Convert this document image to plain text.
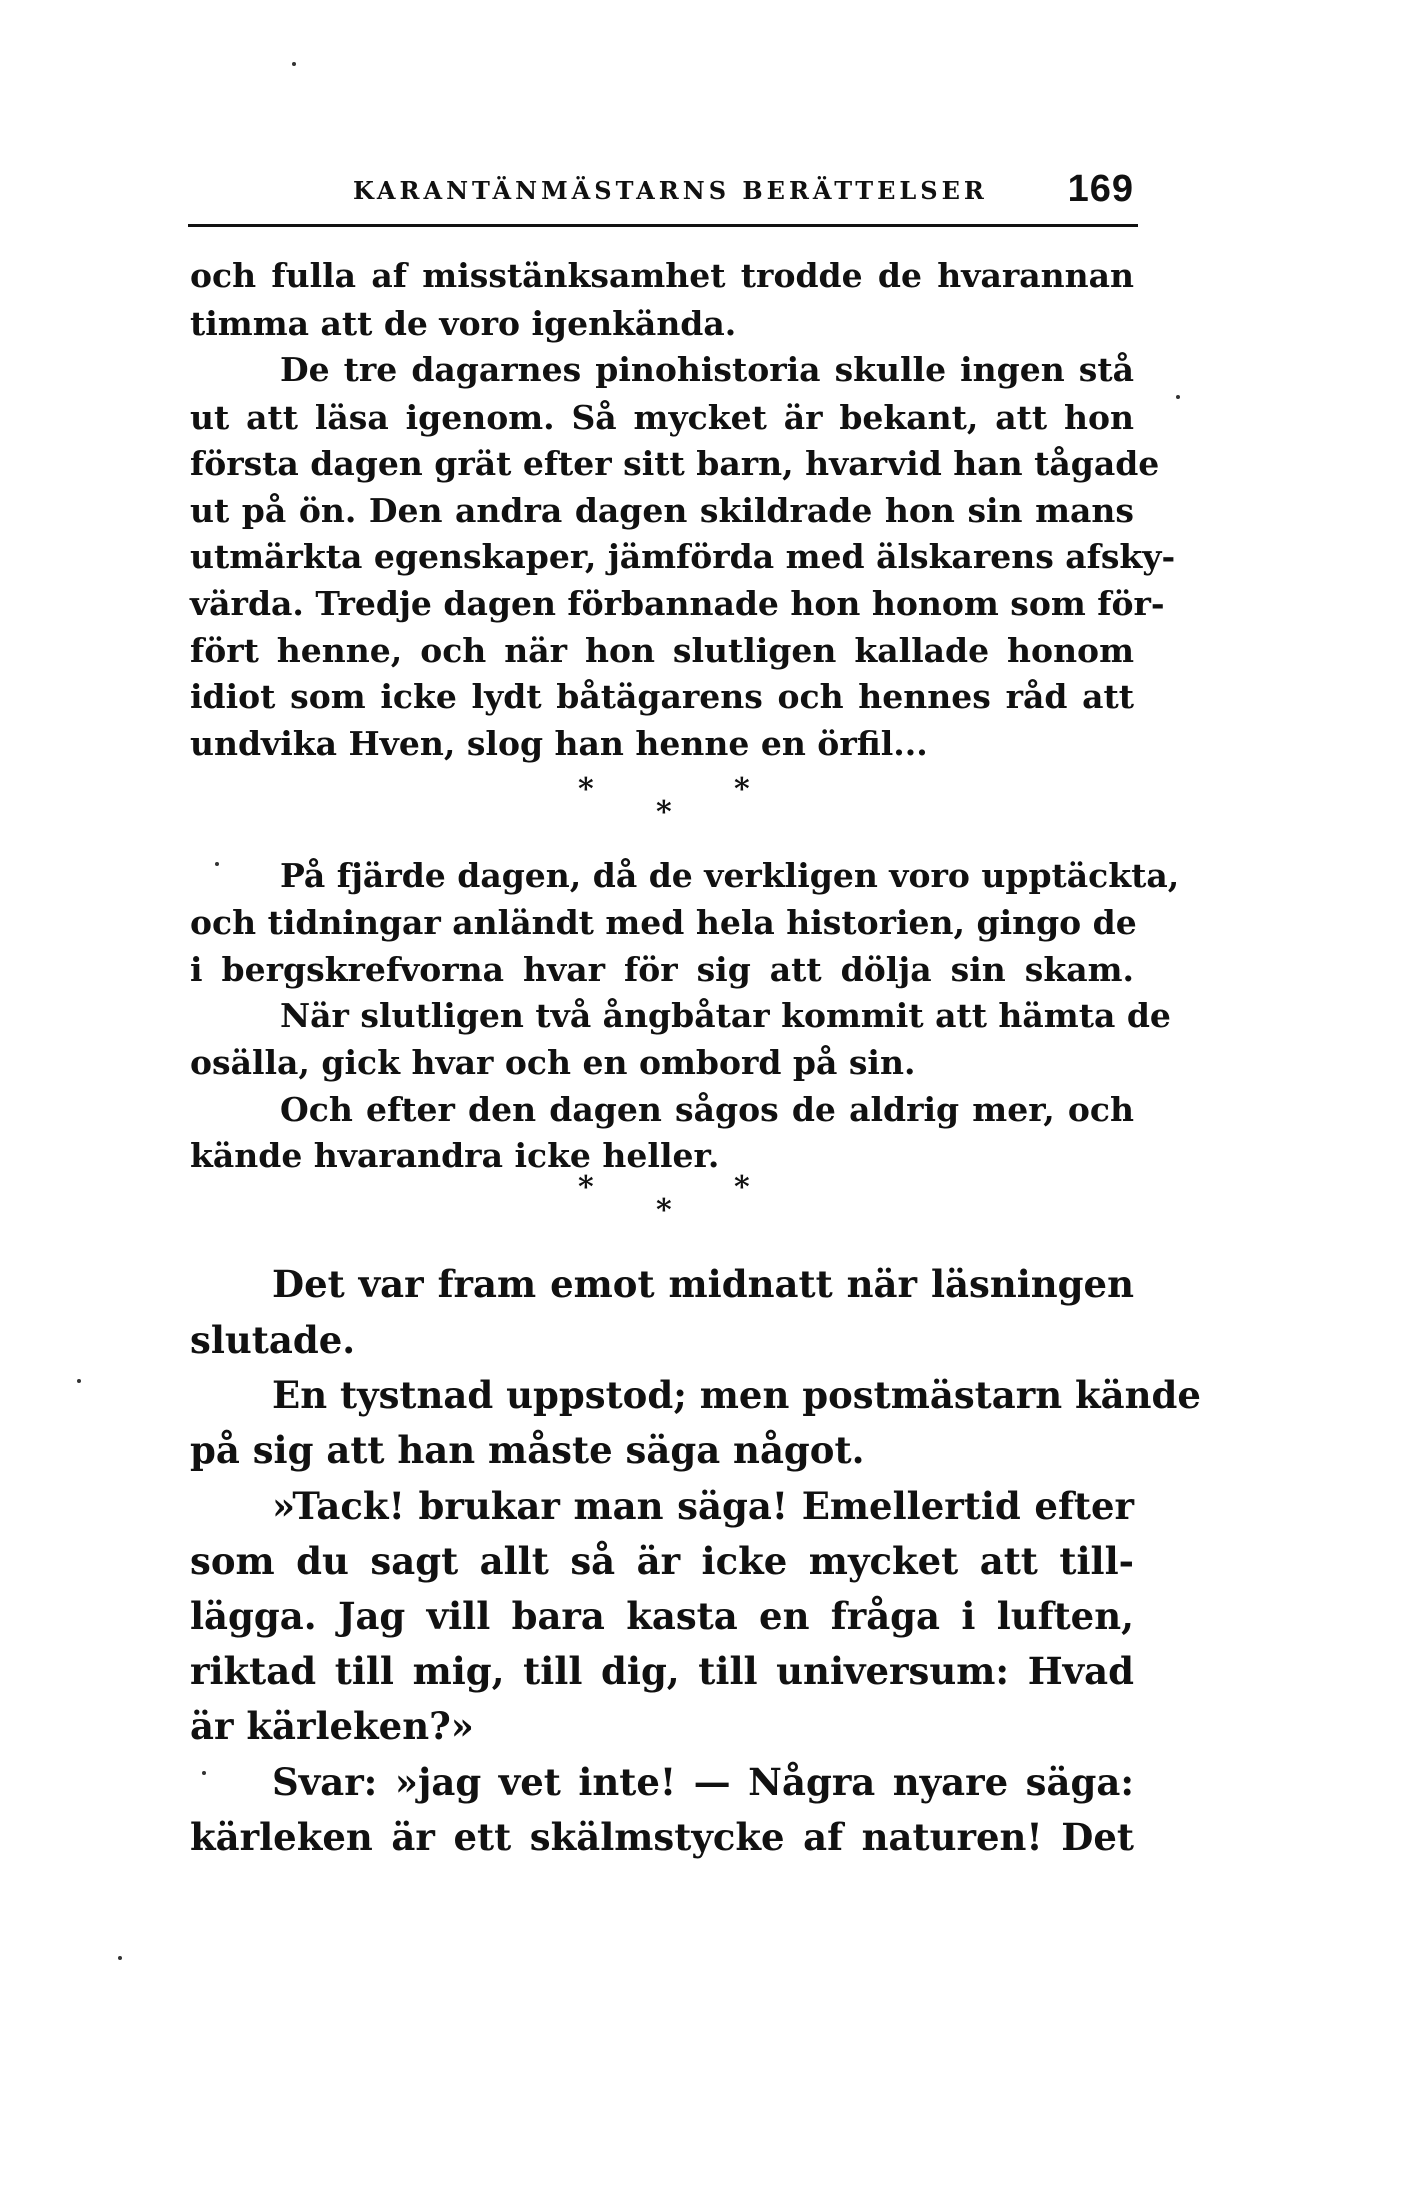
KARANTÄNMÄSTARNS BERÄTTELSER 169
och fulla af misstänksamhet trodde de hvarannan
timma att de voro igenkända.
De tre dagarnes pinohistoria skulle ingen stå
ut att läsa igenom. Så mycket är bekant, att hon
första dagen grät efter sitt barn, hvarvid han tågade
ut på ön. Den andra dagen skildrade hon sin mans
utmärkta egenskaper, jämförda med älskarens afsky-
värda. Tredje dagen förbannade hon honom som för-
fört henne, och när hon slutligen kallade honom
idiot som icke lydt båtägarens och hennes råd att
undvika Hven, slog han henne en örfil...
*
*
*
På fjärde dagen, då de verkligen voro upptäckta,
och tidningar anländt med hela historien, gingo de
i bergskrefvorna hvar för sig att dölja sin skam.
När slutligen två ångbåtar kommit att hämta de
osälla, gick hvar och en ombord på sin.
Och efter den dagen sågos de aldrig mer, och
kände hvarandra icke heller.
*
*
*
Det var fram emot midnatt när läsningen
slutade.
En tystnad uppstod; men postmästarn kände
på sig att han måste säga något.
»Tack! brukar man säga! Emellertid efter
som du sagt allt så är icke mycket att till-
lägga. Jag vill bara kasta en fråga i luften,
riktad till mig, till dig, till universum: Hvad
är kärleken?»
Svar: »jag vet inte! — Några nyare säga:
kärleken är ett skälmstycke af naturen! Det
